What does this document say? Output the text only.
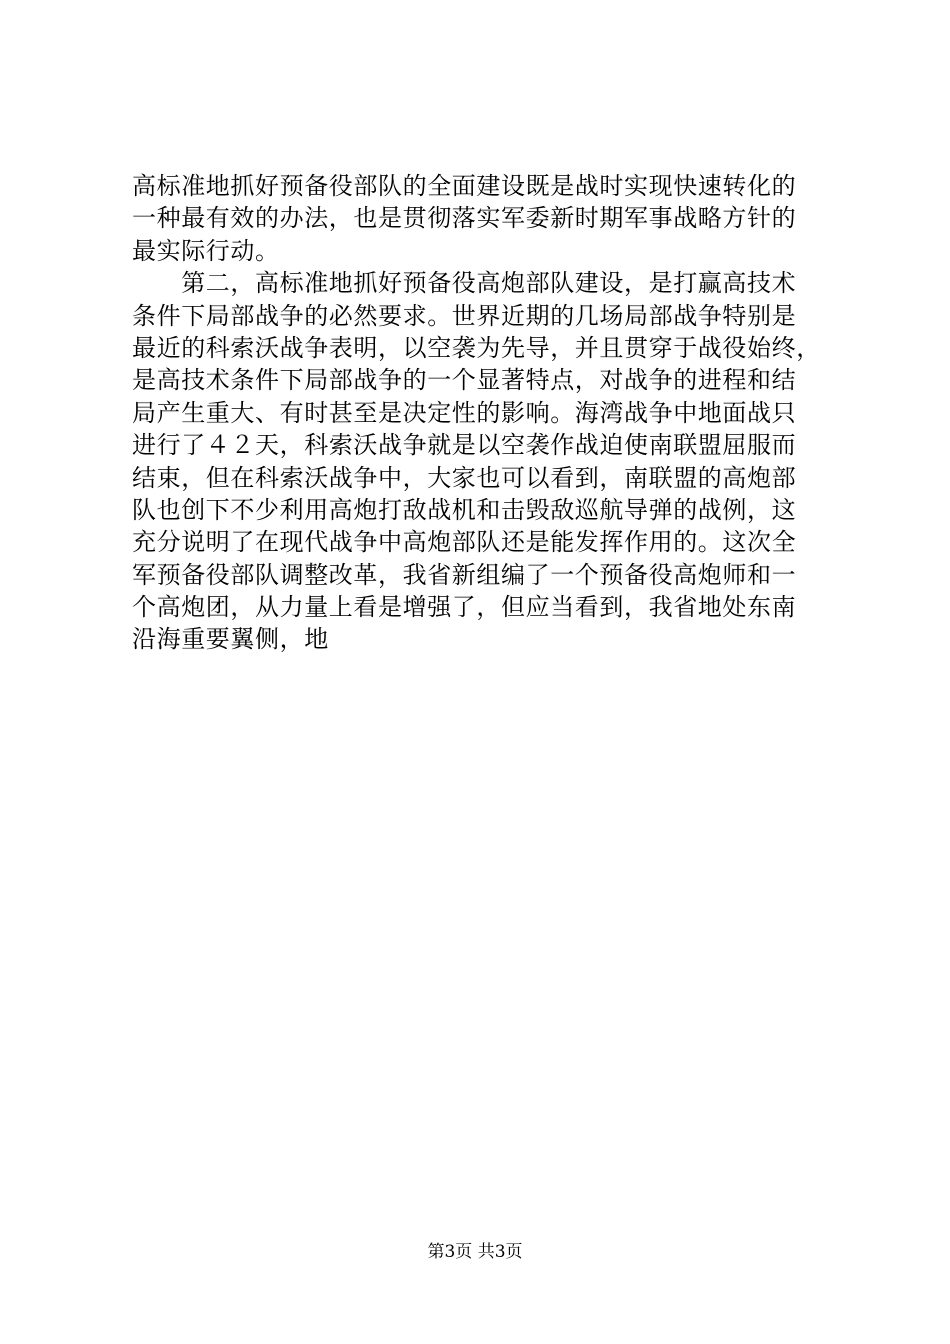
高标准地抓好预备役部队的全面建设既是战时实现快速转化的
一种最有效的办法，也是贯彻落实军委新时期军事战略方针的
最实际行动。
　　第二，高标准地抓好预备役高炮部队建设，是打赢高技术
条件下局部战争的必然要求。世界近期的几场局部战争特别是
最近的科索沃战争表明，以空袭为先导，并且贯穿于战役始终，
是高技术条件下局部战争的一个显著特点，对战争的进程和结
局产生重大、有时甚至是决定性的影响。海湾战争中地面战只
进行了４２天，科索沃战争就是以空袭作战迫使南联盟屈服而
结束，但在科索沃战争中，大家也可以看到，南联盟的高炮部
队也创下不少利用高炮打敌战机和击毁敌巡航导弹的战例，这
充分说明了在现代战争中高炮部队还是能发挥作用的。这次全
军预备役部队调整改革，我省新组编了一个预备役高炮师和一
个高炮团，从力量上看是增强了，但应当看到，我省地处东南
沿海重要翼侧，地
第3页 共3页
